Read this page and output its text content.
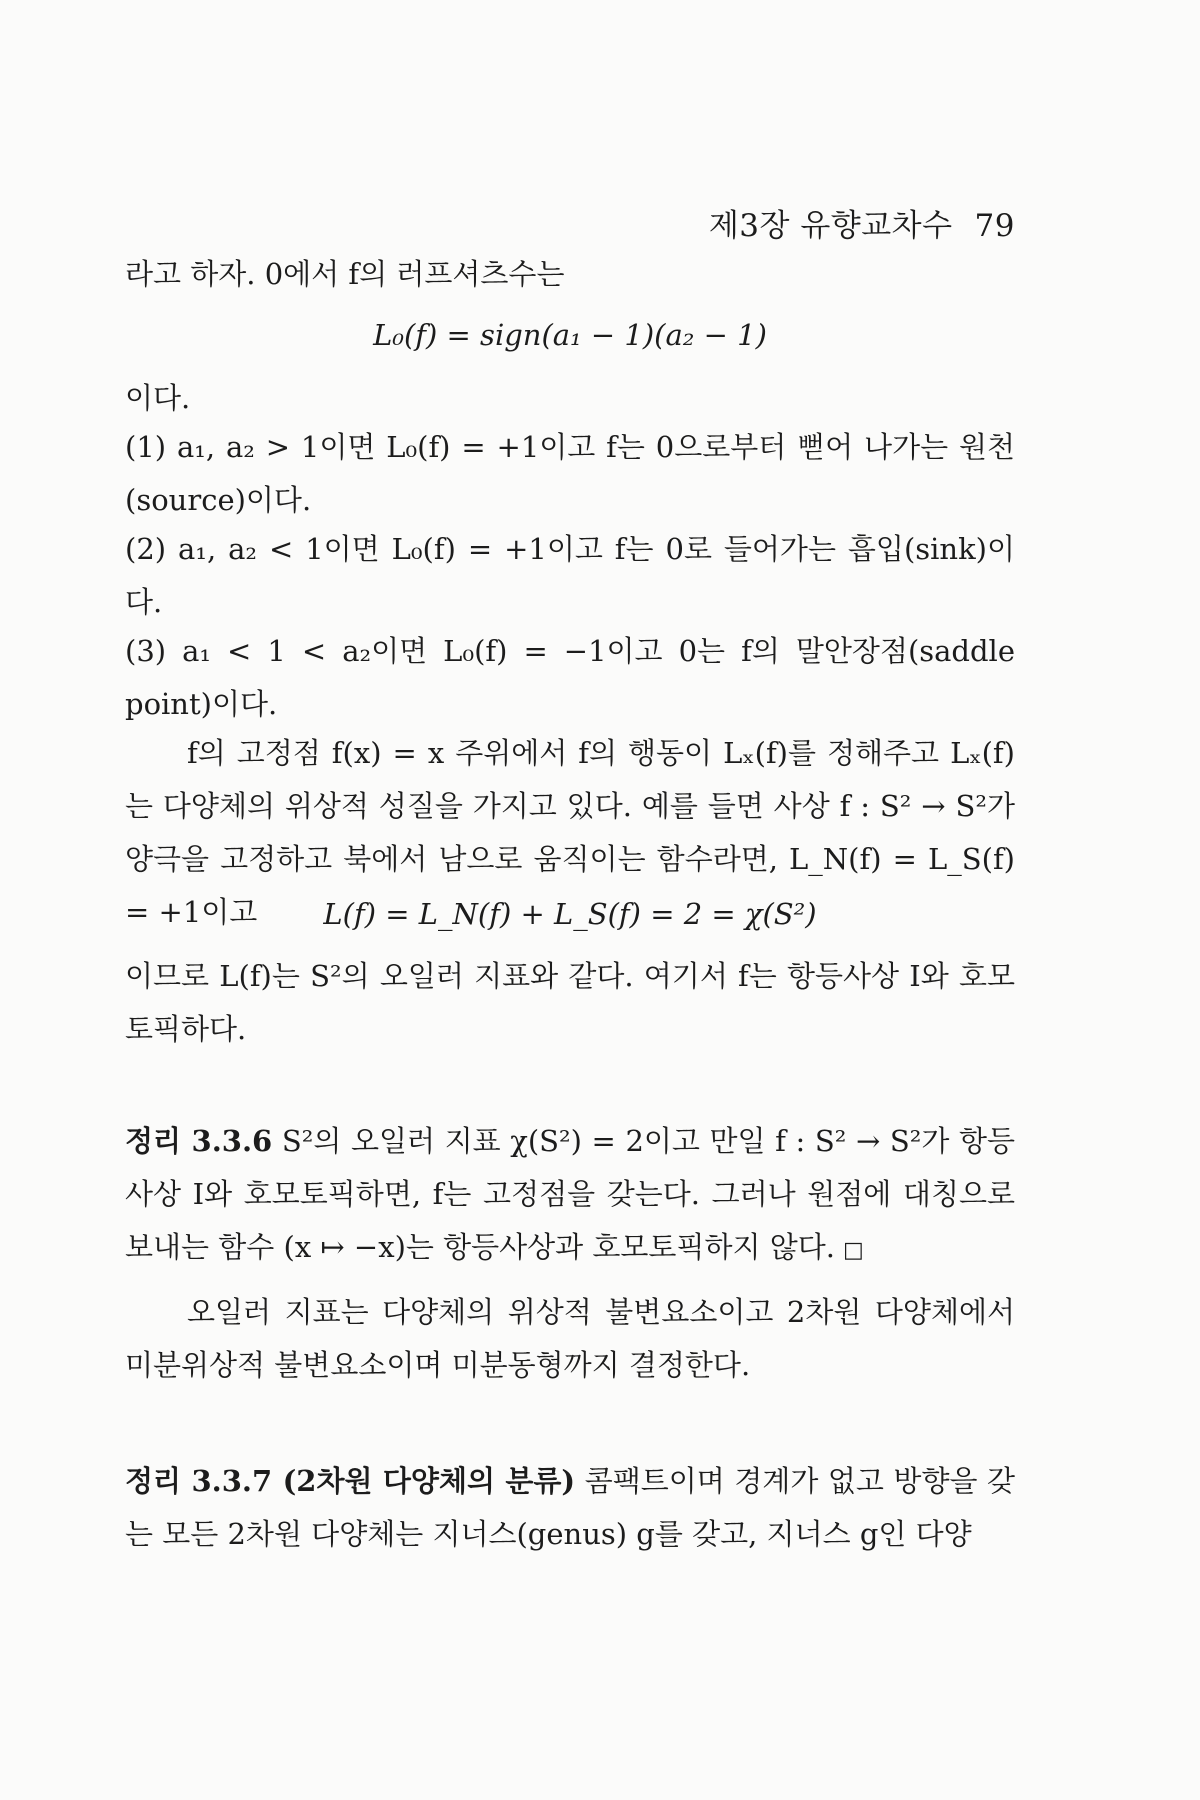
제3장 유향교차수 79
라고 하자. 0에서 f의 러프셔츠수는
L₀(f) = sign(a₁ − 1)(a₂ − 1)
이다.
(1) a₁, a₂ > 1이면 L₀(f) = +1이고 f는 0으로부터 뻗어 나가는 원천(source)이다.
(2) a₁, a₂ < 1이면 L₀(f) = +1이고 f는 0로 들어가는 흡입(sink)이다.
(3) a₁ < 1 < a₂이면 L₀(f) = −1이고 0는 f의 말안장점(saddle point)이다.
f의 고정점 f(x) = x 주위에서 f의 행동이 Lₓ(f)를 정해주고 Lₓ(f)는 다양체의 위상적 성질을 가지고 있다. 예를 들면 사상 f : S² → S²가 양극을 고정하고 북에서 남으로 움직이는 함수라면, L_N(f) = L_S(f) = +1이고	L(f) = L_N(f) + L_S(f) = 2 = χ(S²)
이므로 L(f)는 S²의 오일러 지표와 같다. 여기서 f는 항등사상 I와 호모토픽하다.
정리 3.3.6 S²의 오일러 지표 χ(S²) = 2이고 만일 f : S² → S²가 항등사상 I와 호모토픽하면, f는 고정점을 갖는다. 그러나 원점에 대칭으로 보내는 함수 (x ↦ −x)는 항등사상과 호모토픽하지 않다. □
오일러 지표는 다양체의 위상적 불변요소이고 2차원 다양체에서 미분위상적 불변요소이며 미분동형까지 결정한다.
정리 3.3.7 (2차원 다양체의 분류) 콤팩트이며 경계가 없고 방향을 갖는 모든 2차원 다양체는 지너스(genus) g를 갖고, 지너스 g인 다양
